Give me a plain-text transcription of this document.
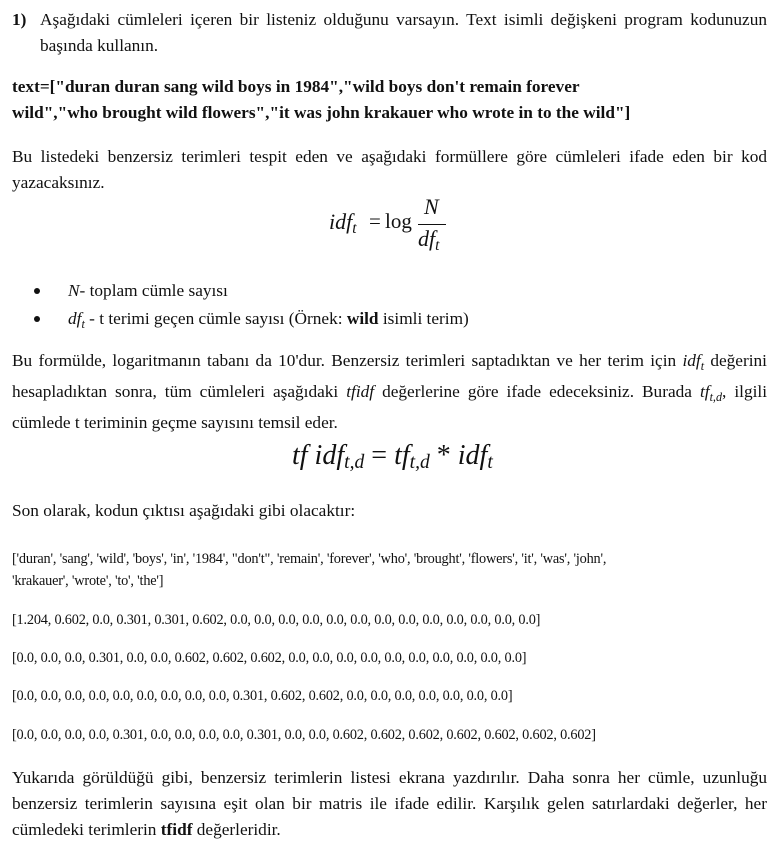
1) Aşağıdaki cümleleri içeren bir listeniz olduğunu varsayın. Text isimli değişkeni program kodunuzun başında kullanın.

text=["duran duran sang wild boys in 1984","wild boys don't remain forever
wild","who brought wild flowers","it was john krakauer who wrote in to the wild"]

Bu listedeki benzersiz terimleri tespit eden ve aşağıdaki formüllere göre cümleleri ifade eden bir kod yazacaksınız.

idf$_t$ = log
N
$df_t$
N- toplam cümle sayısı
$df_t$ - t terimi geçen cümle sayısı (Örnek: wild isimli terim)

Bu formülde, logaritmanın tabanı da 10'dur. Benzersiz terimleri saptadıktan ve her terim için idf$_t$ değerini hesapladıktan sonra, tüm cümleleri aşağıdaki tfidf değerlerine göre ifade edeceksiniz. Burada $tf_{t,d}$, ilgili cümlede t teriminin geçme sayısını temsil eder.

tf $idf_{t,d} = tf_{t,d} * idf_t$

Son olarak, kodun çıktısı aşağıdaki gibi olacaktır:

['duran', 'sang', 'wild', 'boys', 'in', '1984', "don't", 'remain', 'forever', 'who', 'brought', 'flowers', 'it', 'was', 'john',
'krakauer', 'wrote', 'to', 'the']
[1.204, 0.602, 0.0, 0.301, 0.301, 0.602, 0.0, 0.0, 0.0, 0.0, 0.0, 0.0, 0.0, 0.0, 0.0, 0.0, 0.0, 0.0, 0.0]
[0.0, 0.0, 0.0, 0.301, 0.0, 0.0, 0.602, 0.602, 0.602, 0.0, 0.0, 0.0, 0.0, 0.0, 0.0, 0.0, 0.0, 0.0, 0.0]
[0.0, 0.0, 0.0, 0.0, 0.0, 0.0, 0.0, 0.0, 0.0, 0.301, 0.602, 0.602, 0.0, 0.0, 0.0, 0.0, 0.0, 0.0, 0.0]
[0.0, 0.0, 0.0, 0.0, 0.301, 0.0, 0.0, 0.0, 0.0, 0.301, 0.0, 0.0, 0.602, 0.602, 0.602, 0.602, 0.602, 0.602, 0.602]

Yukarıda görüldüğü gibi, benzersiz terimlerin listesi ekrana yazdırılır. Daha sonra her cümle, uzunluğu benzersiz terimlerin sayısına eşit olan bir matris ile ifade edilir. Karşılık gelen satırlardaki değerler, her cümledeki terimlerin tfidf değerleridir.
